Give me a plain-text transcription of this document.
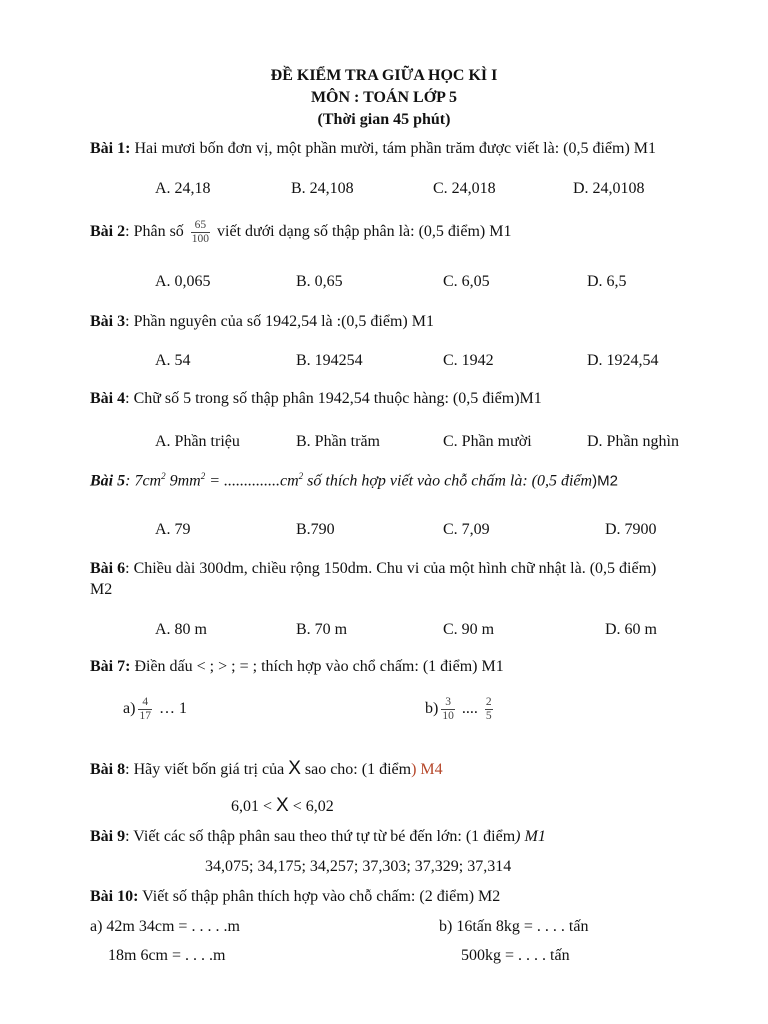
ĐỀ KIỂM TRA GIỮA HỌC KÌ I
MÔN : TOÁN LỚP 5
(Thời gian 45 phút)
Bài 1: Hai mươi bốn đơn vị, một phần mười, tám phần trăm được viết là: (0,5 điểm) M1
A. 24,18	B. 24,108	C. 24,018	D. 24,0108
Bài 2: Phân số $\frac{65}{100}$ viết dưới dạng số thập phân là: (0,5 điểm) M1
A. 0,065	B. 0,65	C. 6,05	D. 6,5
Bài 3: Phần nguyên của số 1942,54 là :(0,5 điểm) M1
A. 54	B. 194254	C. 1942	D. 1924,54
Bài 4: Chữ số 5 trong số thập phân 1942,54 thuộc hàng: (0,5 điểm)M1
A. Phần triệu	B. Phần trăm	C. Phần mười	D. Phần nghìn
Bài 5: $7cm^2$ $9mm^2 = ..............cm^2$ số thích hợp viết vào chỗ chấm là: (0,5 điểm)M2
A. 79	B.790	C. 7,09	D. 7900
Bài 6: Chiều dài 300dm, chiều rộng 150dm. Chu vi của một hình chữ nhật là. (0,5 điểm)
M2
A. 80 m	B. 70 m	C. 90 m	D. 60 m
Bài 7: Điền dấu < ; > ; = ; thích hợp vào chổ chấm: (1 điểm) M1
$a) \frac{4}{17}$ … 1	$b) \frac{3}{10}$ .... $\frac{2}{5}$
Bài 8: Hãy viết bốn giá trị của X sao cho: (1 điểm) M4
6,01 < X < 6,02
Bài 9: Viết các số thập phân sau theo thứ tự từ bé đến lớn: (1 điểm) M1
34,075; 34,175; 34,257; 37,303; 37,329; 37,314
Bài 10: Viết số thập phân thích hợp vào chỗ chấm: (2 điểm) M2
a) 42m 34cm = . . . . .m	b) 16tấn 8kg = . . . . tấn
18m 6cm = . . . .m	500kg = . . . . tấn
